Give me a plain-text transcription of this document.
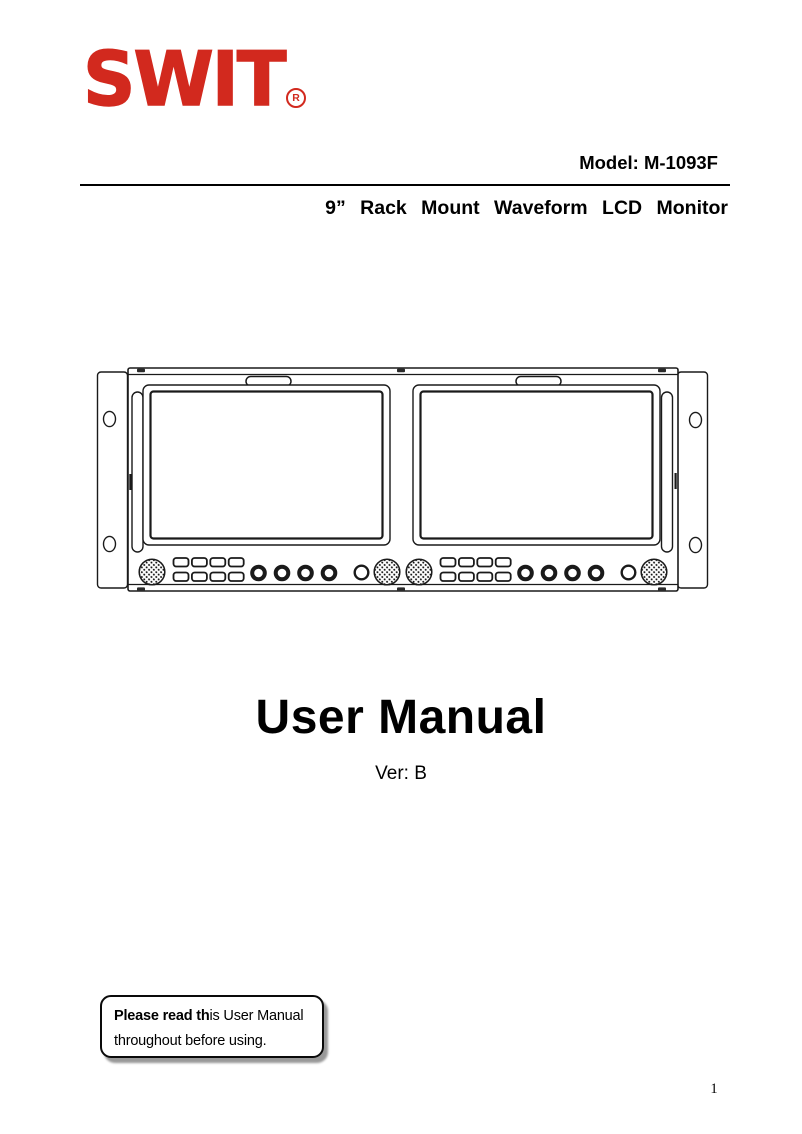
SWIT R
Model: M-1093F
9” Rack Mount Waveform LCD Monitor
User Manual
Ver: B
Please read this User Manual
throughout before using.
1
